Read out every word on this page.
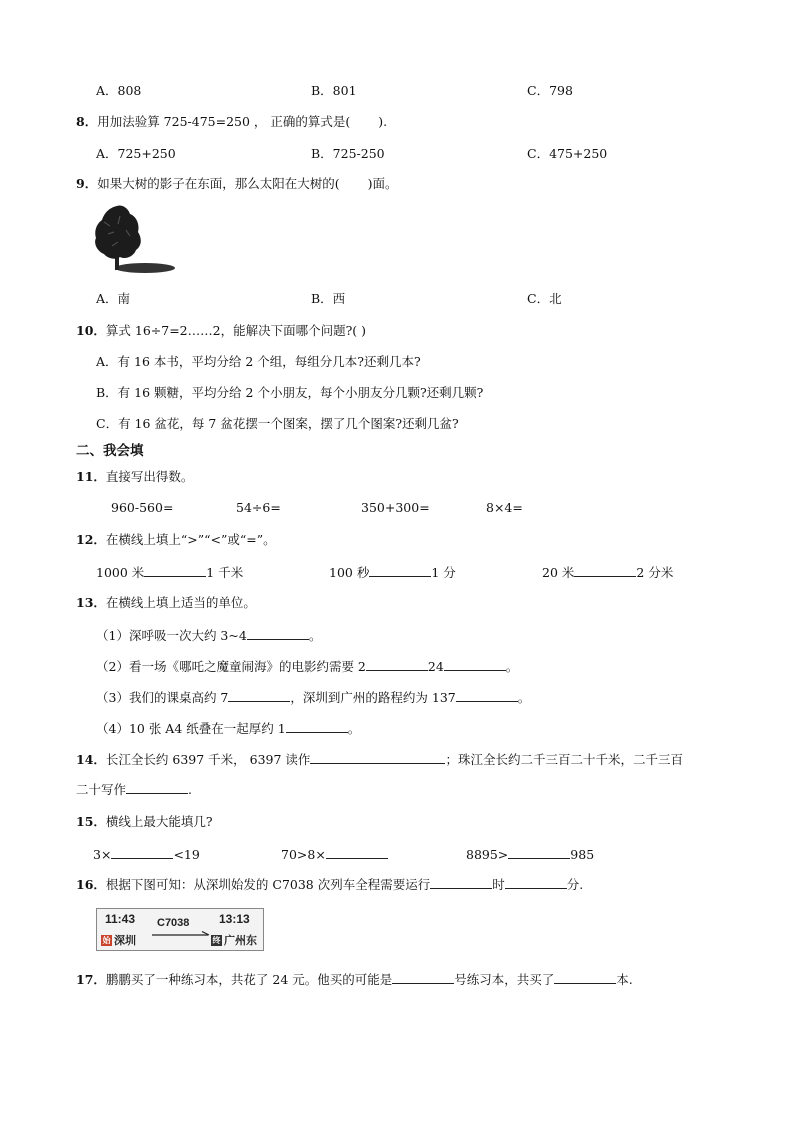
A．808	B．801	C．798
8．用加法验算 725-475=250 ， 正确的算式是( ).
A．725+250	B．725-250	C．475+250
9．如果大树的影子在东面，那么太阳在大树的( )面。
A．南	B．西	C．北
10．算式 16÷7=2……2，能解决下面哪个问题?( )
A．有 16 本书，平均分给 2 个组，每组分几本?还剩几本?
B．有 16 颗糖，平均分给 2 个小朋友，每个小朋友分几颗?还剩几颗?
C．有 16 盆花，每 7 盆花摆一个图案，摆了几个图案?还剩几盆?
二、我会填
11．直接写出得数。
960-560=	54÷6=	350+300=	8×4=
12．在横线上填上“>”“<”或“=”。
1000 米	1 千米	100 秒	1 分	20 米	2 分米
13．在横线上填上适当的单位。
（1）深呼吸一次大约 3~4	。
（2）看一场《哪吒之魔童闹海》的电影约需要 2	24	。
（3）我们的课桌高约 7	，深圳到广州的路程约为 137	。
（4）10 张 A4 纸叠在一起厚约 1	。
14．长江全长约 6397 千米， 6397 读作	；珠江全长约二千三百二十千米，二千三百
二十写作	.
15．横线上最大能填几?
3×	<19	70>8×	8895>	985
16．根据下图可知：从深圳始发的 C7038 次列车全程需要运行	时	分.
11:43 C7038 13:13
始 深圳	终 广州东
17．鹏鹏买了一种练习本，共花了 24 元。他买的可能是	号练习本，共买了	本.
